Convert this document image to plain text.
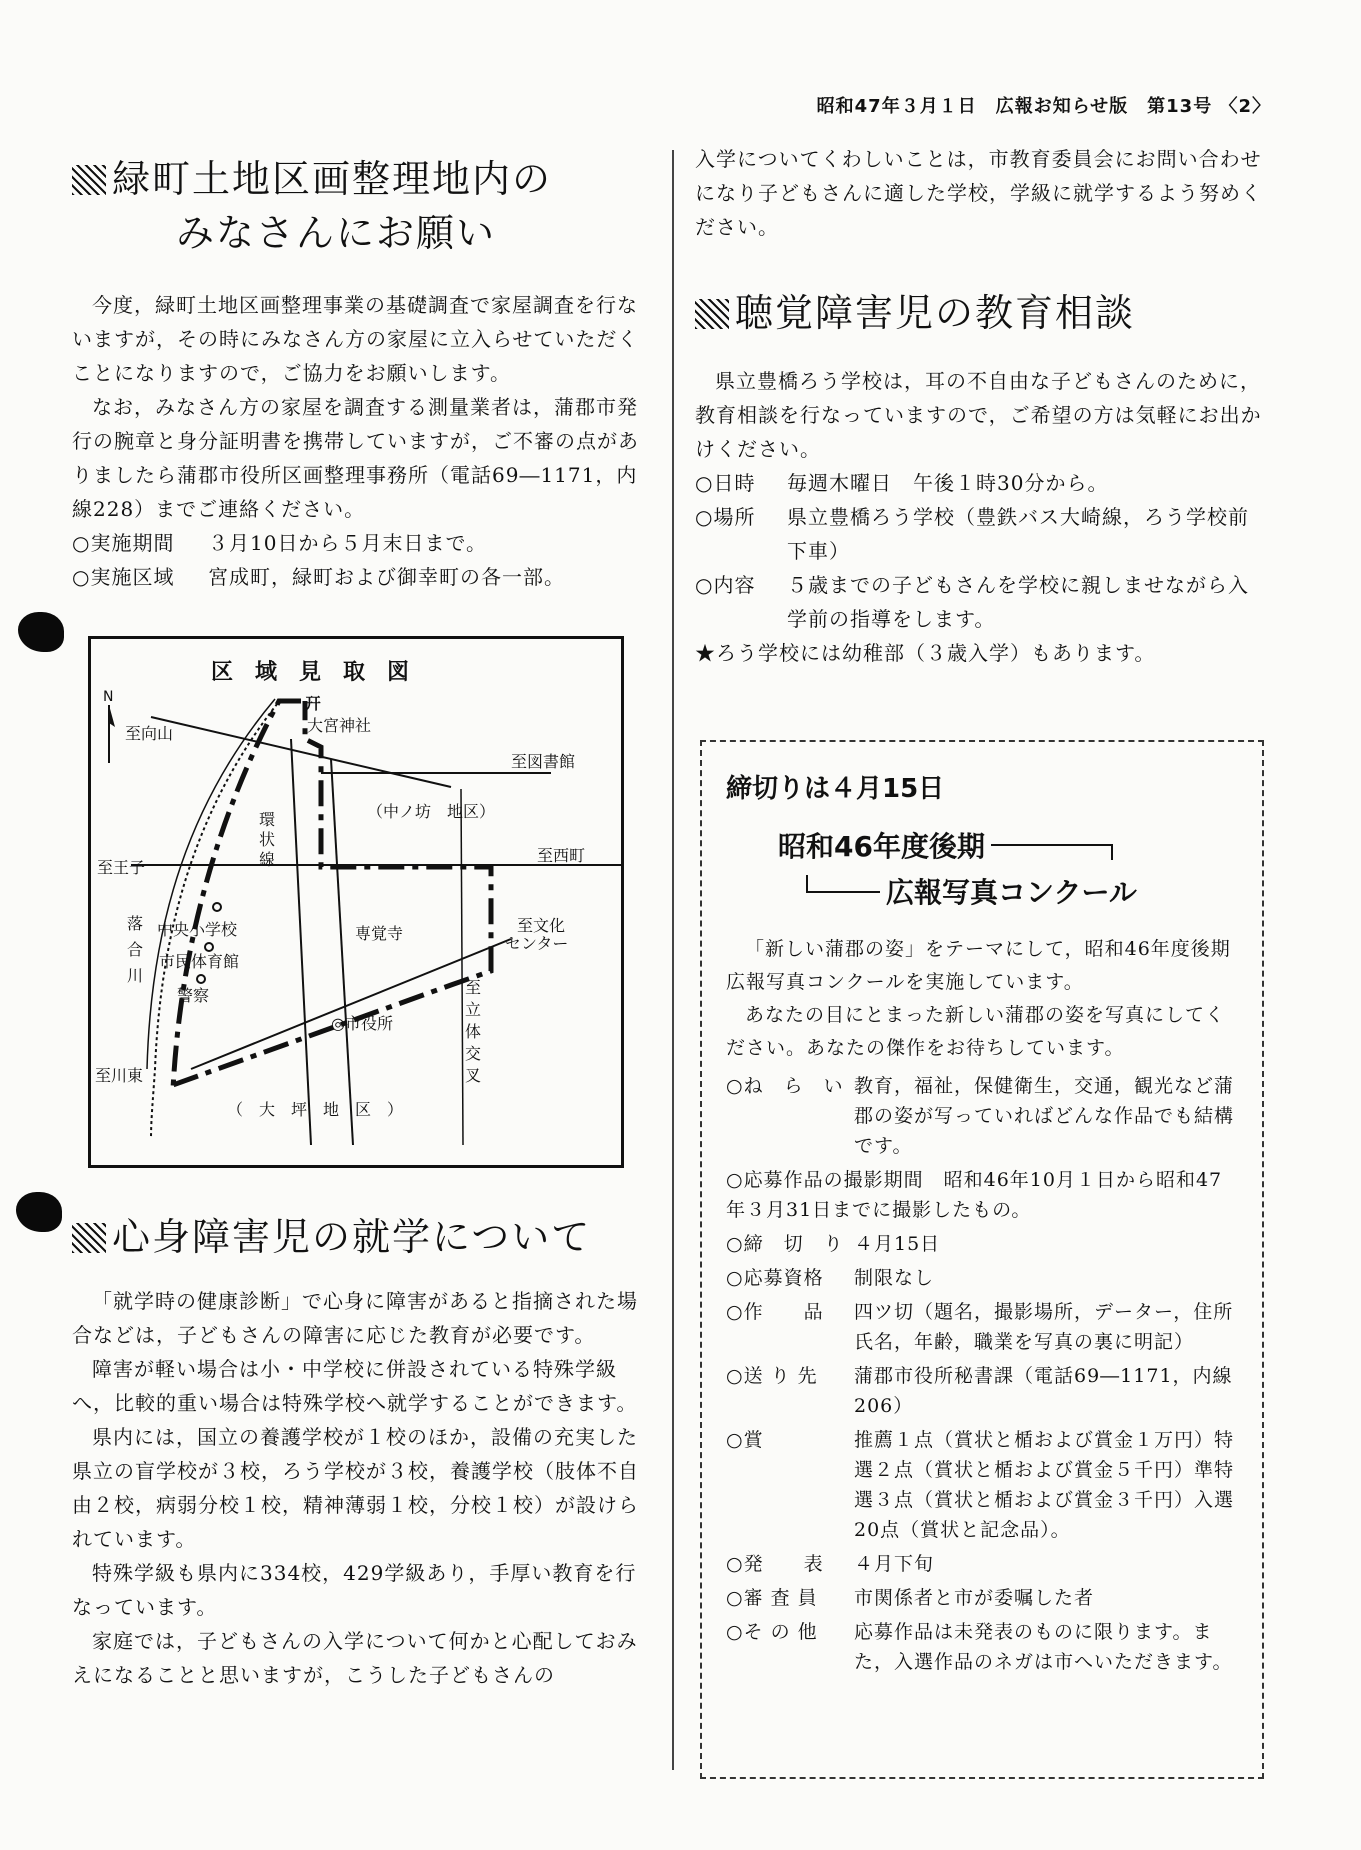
昭和47年３月１日　広報お知らせ版　第13号 〈2〉
緑町土地区画整理地内の
みなさんにお願い

今度，緑町土地区画整理事業の基礎調査で家屋調査を行ないますが，その時にみなさん方の家屋に立入らせていただくことになりますので，ご協力をお願いします。

なお，みなさん方の家屋を調査する測量業者は，蒲郡市発行の腕章と身分証明書を携帯していますが，ご不審の点がありましたら蒲郡市役所区画整理事務所（電話69―1171，内線228）までご連絡ください。

○実施期間	３月10日から５月末日まで。
○実施区域	宮成町，緑町および御幸町の各一部。
区　域　見　取　図
N	幵
大宮神社
至向山
至図書館
（中ノ坊　地区）
環
状
線
至王子
至西町
落
合
川
中央小学校
市民体育館
警察
専覚寺	至文化
センター
◎市役所
至
立
体
交
叉
至川東
（　大　坪　地　区　）
心身障害児の就学について

「就学時の健康診断」で心身に障害があると指摘された場合などは，子どもさんの障害に応じた教育が必要です。

障害が軽い場合は小・中学校に併設されている特殊学級へ，比較的重い場合は特殊学校へ就学することができます。

県内には，国立の養護学校が１校のほか，設備の充実した県立の盲学校が３校，ろう学校が３校，養護学校（肢体不自由２校，病弱分校１校，精神薄弱１校，分校１校）が設けられています。

特殊学級も県内に334校，429学級あり，手厚い教育を行なっています。

家庭では，子どもさんの入学について何かと心配しておみえになることと思いますが，こうした子どもさんの

入学についてくわしいことは，市教育委員会にお問い合わせになり子どもさんに適した学校，学級に就学するよう努めください。

聴覚障害児の教育相談

県立豊橋ろう学校は，耳の不自由な子どもさんのために，教育相談を行なっていますので，ご希望の方は気軽にお出かけください。

○日時	毎週木曜日　午後１時30分から。
○場所	県立豊橋ろう学校（豊鉄バス大崎線，ろう学校前下車）
○内容	５歳までの子どもさんを学校に親しませながら入学前の指導をします。
★ろう学校には幼稚部（３歳入学）もあります。
締切りは４月15日
昭和46年度後期
広報写真コンクール

「新しい蒲郡の姿」をテーマにして，昭和46年度後期広報写真コンクールを実施しています。

あなたの目にとまった新しい蒲郡の姿を写真にしてください。あなたの傑作をお待ちしています。

○ね　ら　い 教育，福祉，保健衛生，交通，観光など蒲郡の姿が写っていればどんな作品でも結構です。
○応募作品の撮影期間　 昭和46年10月１日から昭和47年３月31日までに撮影したもの。
○締　切　り ４月15日
○応募資格	制限なし
○作　　品	四ツ切（題名，撮影場所，データー，住所氏名，年齢，職業を写真の裏に明記）
○送 り 先	蒲郡市役所秘書課（電話69―1171，内線206）
○賞	推薦１点（賞状と楯および賞金１万円）特選２点（賞状と楯および賞金５千円）準特選３点（賞状と楯および賞金３千円）入選20点（賞状と記念品）。
○発　　表	４月下旬
○審 査 員	市関係者と市が委嘱した者
○そ の 他	応募作品は未発表のものに限ります。また，入選作品のネガは市へいただきます。
